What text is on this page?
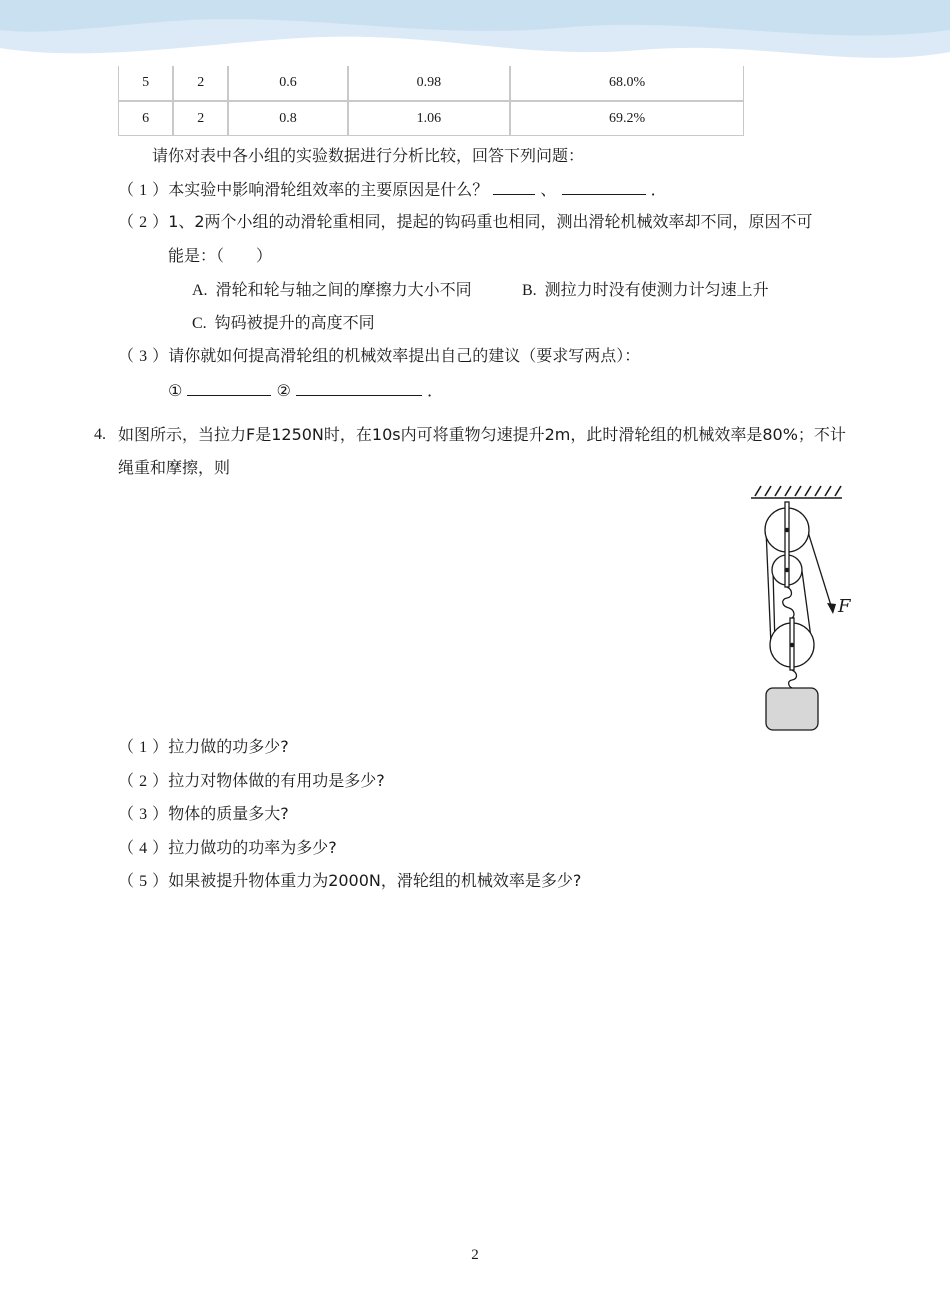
5	2	0.6	0.98	68.0%
6	2	0.8	1.06	69.2%
请你对表中各小组的实验数据进行分析比较，回答下列问题：
（ 1 ）本实验中影响滑轮组效率的主要原因是什么？	、	．
（ 2 ）1、2两个小组的动滑轮重相同，提起的钩码重也相同，测出滑轮机械效率却不同，原因不可
能是：（　　）
A. 滑轮和轮与轴之间的摩擦力大小不同	B. 测拉力时没有使测力计匀速上升
C. 钩码被提升的高度不同
（ 3 ）请你就如何提高滑轮组的机械效率提出自己的建议（要求写两点）：
①	②	．
4. 如图所示，当拉力F是1250N时，在10s内可将重物匀速提升2m，此时滑轮组的机械效率是80%；不计
绳重和摩擦，则
F
（ 1 ）拉力做的功多少?
（ 2 ）拉力对物体做的有用功是多少?
（ 3 ）物体的质量多大?
（ 4 ）拉力做功的功率为多少?
（ 5 ）如果被提升物体重力为2000N，滑轮组的机械效率是多少?
2
